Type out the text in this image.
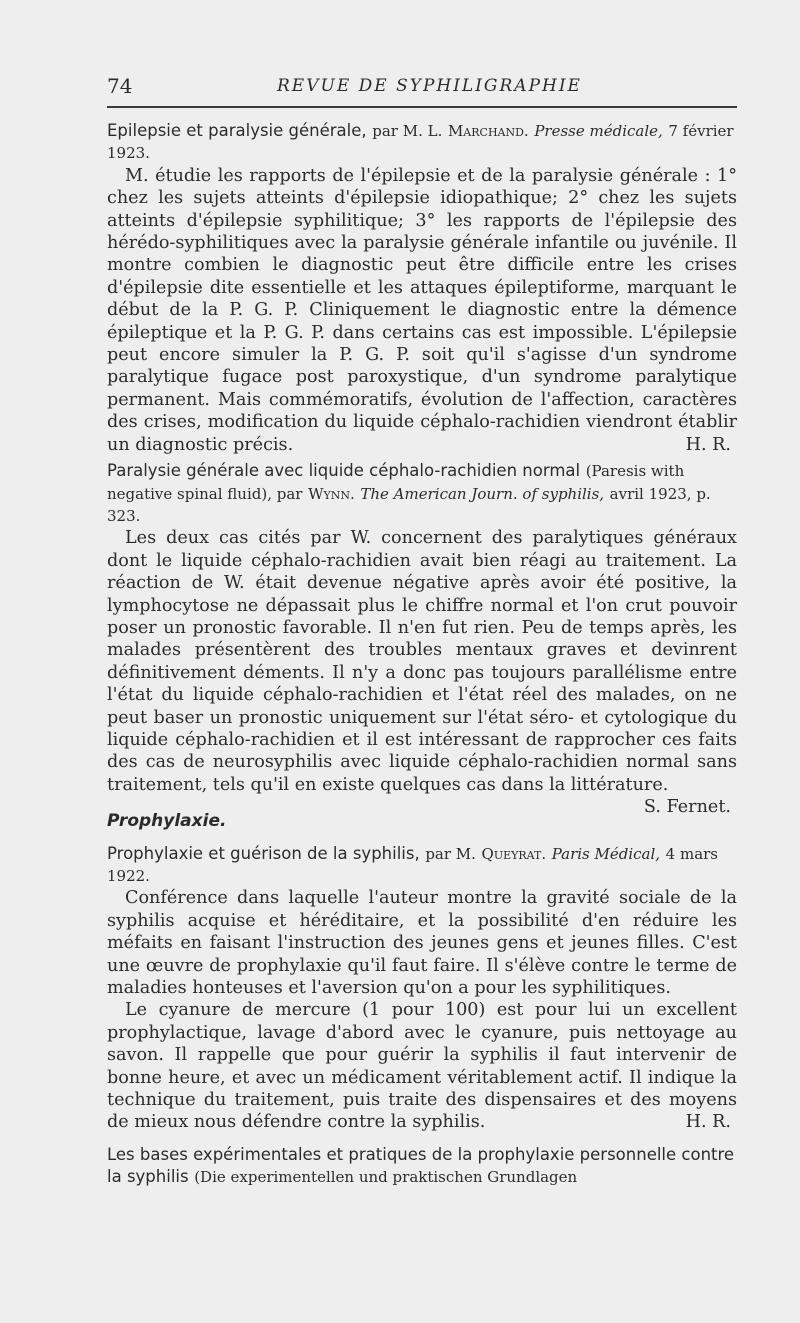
74	REVUE DE SYPHILIGRAPHIE
Epilepsie et paralysie générale, par M. L. Marchand. Presse médicale, 7 février 1923.

M. étudie les rapports de l'épilepsie et de la paralysie générale : 1° chez les sujets atteints d'épilepsie idiopathique; 2° chez les sujets atteints d'épilepsie syphilitique; 3° les rapports de l'épilepsie des hérédo-syphilitiques avec la paralysie générale infantile ou juvénile. Il montre combien le diagnostic peut être difficile entre les crises d'épilepsie dite essentielle et les attaques épileptiforme, marquant le début de la P. G. P. Cliniquement le diagnostic entre la démence épileptique et la P. G. P. dans certains cas est impossible. L'épilepsie peut encore simuler la P. G. P. soit qu'il s'agisse d'un syndrome paralytique fugace post paroxystique, d'un syndrome paralytique permanent. Mais commémoratifs, évolution de l'affection, caractères des crises, modification du liquide céphalo-rachidien viendront établir un diagnostic précis.	H. R.

Paralysie générale avec liquide céphalo-rachidien normal (Paresis with negative spinal fluid), par Wynn. The American Journ. of syphilis, avril 1923, p. 323.

Les deux cas cités par W. concernent des paralytiques généraux dont le liquide céphalo-rachidien avait bien réagi au traitement. La réaction de W. était devenue négative après avoir été positive, la lymphocytose ne dépassait plus le chiffre normal et l'on crut pouvoir poser un pronostic favorable. Il n'en fut rien. Peu de temps après, les malades présentèrent des troubles mentaux graves et devinrent définitivement déments. Il n'y a donc pas toujours parallélisme entre l'état du liquide céphalo-rachidien et l'état réel des malades, on ne peut baser un pronostic uniquement sur l'état séro- et cytologique du liquide céphalo-rachidien et il est intéressant de rapprocher ces faits des cas de neurosyphilis avec liquide céphalo-rachidien normal sans traitement, tels qu'il en existe quelques cas dans la littérature.
S. Fernet.

Prophylaxie.
Prophylaxie et guérison de la syphilis, par M. Queyrat. Paris Médical, 4 mars 1922.

Conférence dans laquelle l'auteur montre la gravité sociale de la syphilis acquise et héréditaire, et la possibilité d'en réduire les méfaits en faisant l'instruction des jeunes gens et jeunes filles. C'est une œuvre de prophylaxie qu'il faut faire. Il s'élève contre le terme de maladies honteuses et l'aversion qu'on a pour les syphilitiques.

Le cyanure de mercure (1 pour 100) est pour lui un excellent prophylactique, lavage d'abord avec le cyanure, puis nettoyage au savon. Il rappelle que pour guérir la syphilis il faut intervenir de bonne heure, et avec un médicament véritablement actif. Il indique la technique du traitement, puis traite des dispensaires et des moyens de mieux nous défendre contre la syphilis.	H. R.

Les bases expérimentales et pratiques de la prophylaxie personnelle contre la syphilis (Die experimentellen und praktischen Grundlagen
